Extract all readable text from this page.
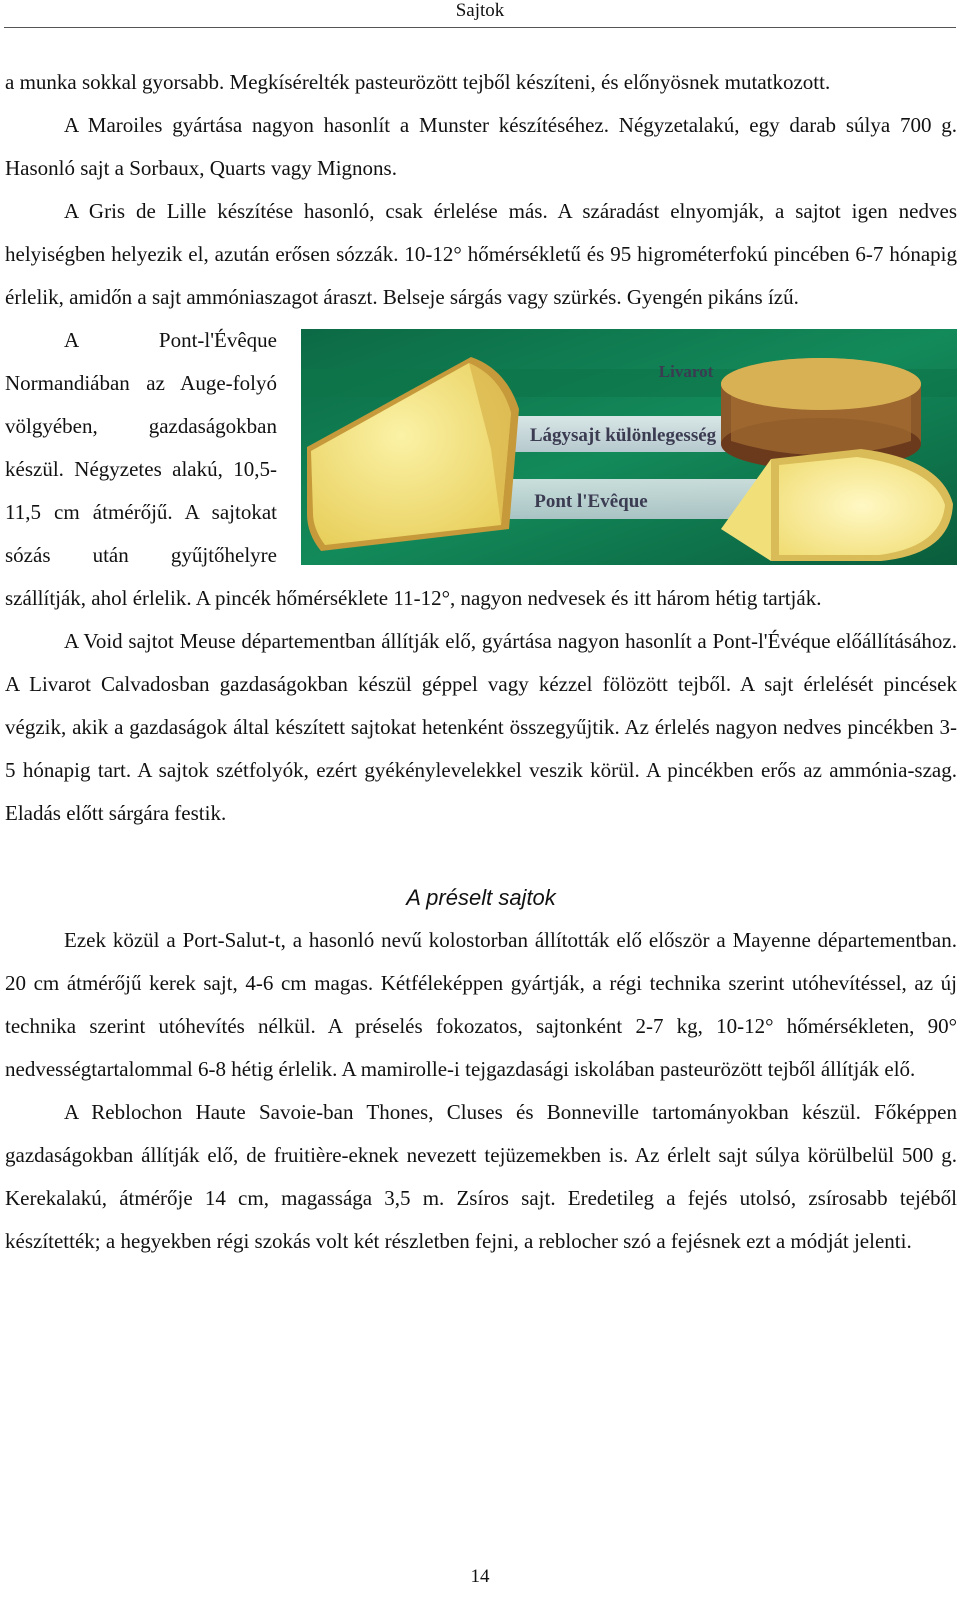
Sajtok

a munka sokkal gyorsabb. Megkísérelték pasteurözött tejből készíteni, és előnyösnek mutatkozott.

A Maroiles gyártása nagyon hasonlít a Munster készítéséhez. Négyzetalakú, egy darab súlya 700 g. Hasonló sajt a Sorbaux, Quarts vagy Mignons.

A Gris de Lille készítése hasonló, csak érlelése más. A száradást elnyomják, a sajtot igen nedves helyiségben helyezik el, azután erősen sózzák. 10-12° hőmérsékletű és 95 higrométerfokú pincében 6-7 hónapig érlelik, amidőn a sajt ammóniaszagot áraszt. Belseje sárgás vagy szürkés. Gyengén pikáns ízű.

Livarot
Lágysajt különlegesség
Pont l'Evêque

A Pont-l'Évêque Normandiában az Auge-folyó völgyében, gazdaságokban készül. Négyzetes alakú, 10,5-11,5 cm átmérőjű. A sajtokat sózás után gyűjtőhelyre szállítják, ahol érlelik. A pincék hőmérséklete 11-12°, nagyon nedvesek és itt három hétig tartják.

A Void sajtot Meuse départementban állítják elő, gyártása nagyon hasonlít a Pont-l'Évéque előállításához. A Livarot Calvadosban gazdaságokban készül géppel vagy kézzel fölözött tejből. A sajt érlelését pincések végzik, akik a gazdaságok által készített sajtokat hetenként összegyűjtik. Az érlelés nagyon nedves pincékben 3-5 hónapig tart. A sajtok szétfolyók, ezért gyékénylevelekkel veszik körül. A pincékben erős az ammónia-szag. Eladás előtt sárgára festik.

A préselt sajtok

Ezek közül a Port-Salut-t, a hasonló nevű kolostorban állították elő először a Mayenne départementban. 20 cm átmérőjű kerek sajt, 4-6 cm magas. Kétféleképpen gyártják, a régi technika szerint utóhevítéssel, az új technika szerint utóhevítés nélkül. A préselés fokozatos, sajtonként 2-7 kg, 10-12° hőmérsékleten, 90° nedvességtartalommal 6-8 hétig érlelik. A mamirolle-i tejgazdasági iskolában pasteurözött tejből állítják elő.

A Reblochon Haute Savoie-ban Thones, Cluses és Bonneville tartományokban készül. Főképpen gazdaságokban állítják elő, de fruitière-eknek nevezett tejüzemekben is. Az érlelt sajt súlya körülbelül 500 g. Kerekalakú, átmérője 14 cm, magassága 3,5 m. Zsíros sajt. Eredetileg a fejés utolsó, zsírosabb tejéből készítették; a hegyekben régi szokás volt két részletben fejni, a reblocher szó a fejésnek ezt a módját jelenti.

14
